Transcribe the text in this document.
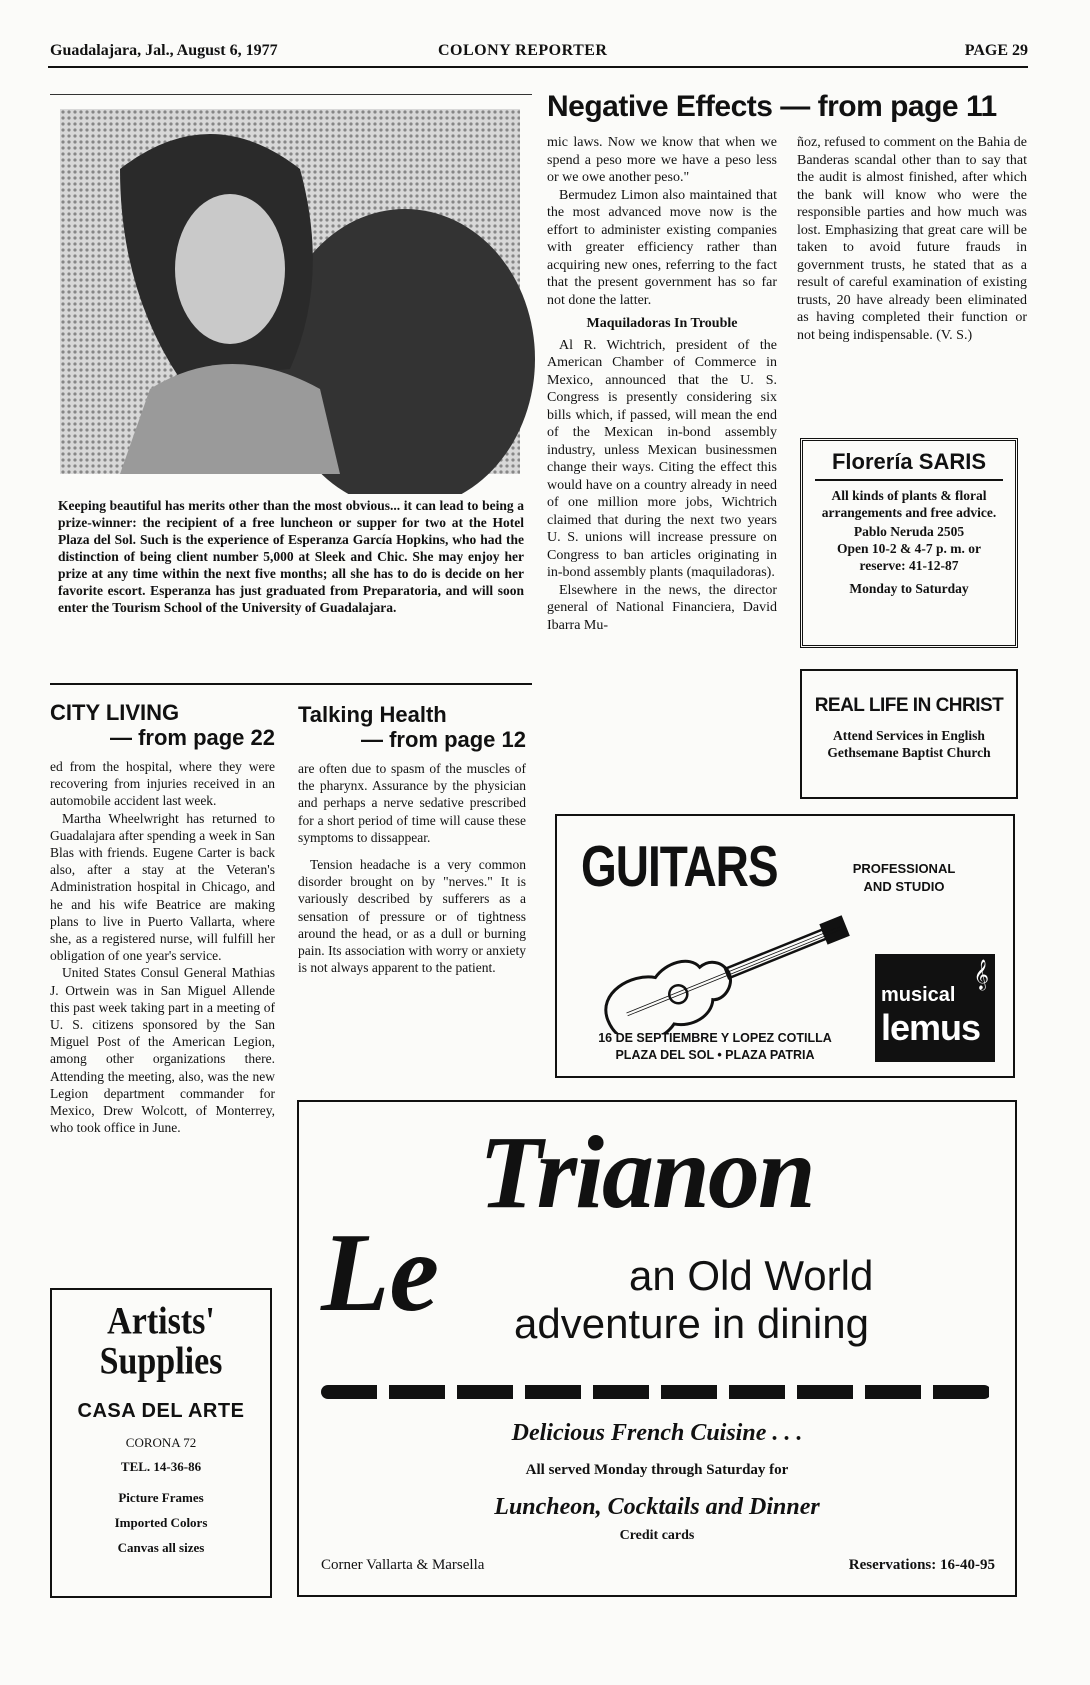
Guadalajara, Jal., August 6, 1977	COLONY REPORTER	PAGE 29
Keeping beautiful has merits other than the most obvious... it can lead to being a prize-winner: the recipient of a free luncheon or supper for two at the Hotel Plaza del Sol. Such is the experience of Esperanza García Hopkins, who had the distinction of being client number 5,000 at Sleek and Chic. She may enjoy her prize at any time within the next five months; all she has to do is decide on her favorite escort. Esperanza has just graduated from Preparatoria, and will soon enter the Tourism School of the University of Guadalajara.
Negative Effects — from page 11

mic laws. Now we know that when we spend a peso more we have a peso less or we owe another peso."

Bermudez Limon also maintained that the most advanced move now is the effort to administer existing companies with greater efficiency rather than acquiring new ones, referring to the fact that the present government has so far not done the latter.

Maquiladoras In Trouble

Al R. Wichtrich, president of the American Chamber of Commerce in Mexico, announced that the U. S. Congress is presently considering six bills which, if passed, will mean the end of the Mexican in-bond assembly industry, unless Mexican businessmen change their ways. Citing the effect this would have on a country already in need of one million more jobs, Wichtrich claimed that during the next two years U. S. unions will increase pressure on Congress to ban articles originating in in-bond assembly plants (maquiladoras).

Elsewhere in the news, the director general of National Financiera, David Ibarra Mu-

ñoz, refused to comment on the Bahia de Banderas scandal other than to say that the audit is almost finished, after which the bank will know who were the responsible parties and how much was lost. Emphasizing that great care will be taken to avoid future frauds in government trusts, he stated that as a result of careful examination of existing trusts, 20 have already been eliminated as having completed their function or not being indispensable. (V. S.)

Florería SARIS
All kinds of plants & floral arrangements and free advice.
Pablo Neruda 2505
Open 10-2 & 4-7 p. m. or reserve: 41-12-87
Monday to Saturday
REAL LIFE IN CHRIST
Attend Services in English Gethsemane Baptist Church
CITY LIVING
— from page 22

ed from the hospital, where they were recovering from injuries received in an automobile accident last week.

Martha Wheelwright has returned to Guadalajara after spending a week in San Blas with friends. Eugene Carter is back also, after a stay at the Veteran's Administration hospital in Chicago, and he and his wife Beatrice are making plans to live in Puerto Vallarta, where she, as a registered nurse, will fulfill her obligation of one year's service.

United States Consul General Mathias J. Ortwein was in San Miguel Allende this past week taking part in a meeting of U. S. citizens sponsored by the San Miguel Post of the American Legion, among other organizations there. Attending the meeting, also, was the new Legion department commander for Mexico, Drew Wolcott, of Monterrey, who took office in June.

Talking Health
— from page 12

are often due to spasm of the muscles of the pharynx. Assurance by the physician and perhaps a nerve sedative prescribed for a short period of time will cause these symptoms to dissappear.

Tension headache is a very common disorder brought on by "nerves." It is variously described by sufferers as a sensation of pressure or of tightness around the head, or as a dull or burning pain. Its association with worry or anxiety is not always apparent to the patient.

GUITARS	PROFESSIONAL AND STUDIO
16 DE SEPTIEMBRE Y LOPEZ COTILLA
PLAZA DEL SOL • PLAZA PATRIA
musical
lemus
𝄞
Artists'
Supplies
CASA DEL ARTE
CORONA 72
TEL. 14-36-86
Picture Frames
Imported Colors
Canvas all sizes
Trianon
Le	an Old World
adventure in dining
Delicious French Cuisine . . .
All served Monday through Saturday for
Luncheon, Cocktails and Dinner
Credit cards
Corner Vallarta & Marsella	Reservations: 16-40-95
